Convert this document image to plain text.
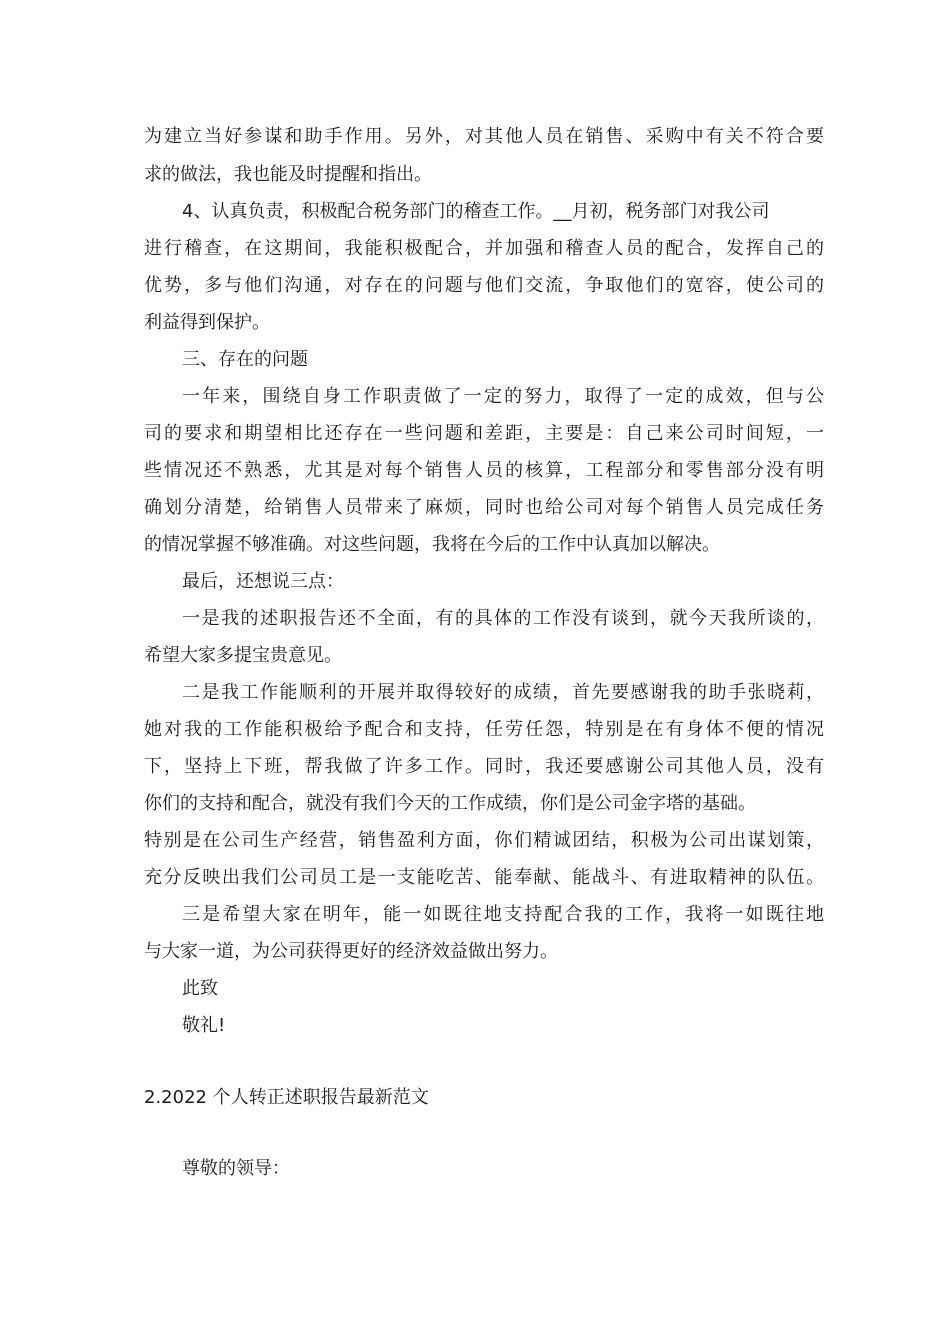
为建立当好参谋和助手作用。另外，对其他人员在销售、采购中有关不符合要
求的做法，我也能及时提醒和指出。
4、认真负责，积极配合税务部门的稽查工作。__月初，税务部门对我公司
进行稽查，在这期间，我能积极配合，并加强和稽查人员的配合，发挥自己的
优势，多与他们沟通，对存在的问题与他们交流，争取他们的宽容，使公司的
利益得到保护。
三、存在的问题
一年来，围绕自身工作职责做了一定的努力，取得了一定的成效，但与公
司的要求和期望相比还存在一些问题和差距，主要是：自己来公司时间短，一
些情况还不熟悉，尤其是对每个销售人员的核算，工程部分和零售部分没有明
确划分清楚，给销售人员带来了麻烦，同时也给公司对每个销售人员完成任务
的情况掌握不够准确。对这些问题，我将在今后的工作中认真加以解决。
最后，还想说三点：
一是我的述职报告还不全面，有的具体的工作没有谈到，就今天我所谈的，
希望大家多提宝贵意见。
二是我工作能顺利的开展并取得较好的成绩，首先要感谢我的助手张晓莉，
她对我的工作能积极给予配合和支持，任劳任怨，特别是在有身体不便的情况
下，坚持上下班，帮我做了许多工作。同时，我还要感谢公司其他人员，没有
你们的支持和配合，就没有我们今天的工作成绩，你们是公司金字塔的基础。
特别是在公司生产经营，销售盈利方面，你们精诚团结，积极为公司出谋划策，
充分反映出我们公司员工是一支能吃苦、能奉献、能战斗、有进取精神的队伍。
三是希望大家在明年，能一如既往地支持配合我的工作，我将一如既往地
与大家一道，为公司获得更好的经济效益做出努力。
此致
敬礼!
2.2022 个人转正述职报告最新范文
尊敬的领导：
